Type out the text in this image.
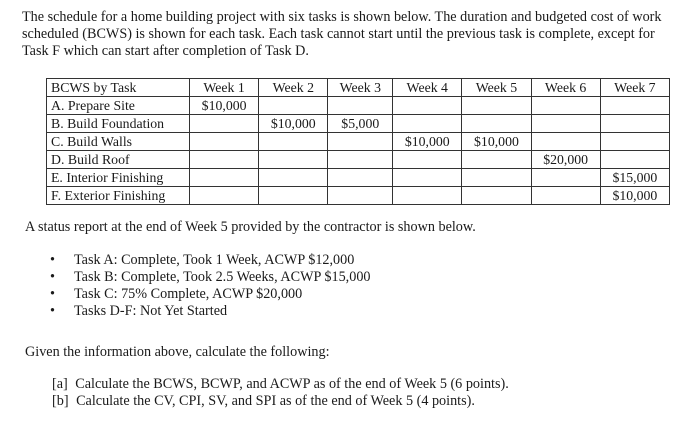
The schedule for a home building project with six tasks is shown below. The duration and budgeted cost of work
scheduled (BCWS) is shown for each task. Each task cannot start until the previous task is complete, except for
Task F which can start after completion of Task D.

BCWS by Task	Week 1	Week 2	Week 3	Week 4	Week 5	Week 6	Week 7
A. Prepare Site	$10,000						
B. Build Foundation		$10,000	$5,000				
C. Build Walls				$10,000	$10,000		
D. Build Roof						$20,000	
E. Interior Finishing							$15,000
F. Exterior Finishing							$10,000

A status report at the end of Week 5 provided by the contractor is shown below.

• Task A: Complete, Took 1 Week, ACWP $12,000
• Task B: Complete, Took 2.5 Weeks, ACWP $15,000
• Task C: 75% Complete, ACWP $20,000
• Tasks D-F: Not Yet Started

Given the information above, calculate the following:

[a] Calculate the BCWS, BCWP, and ACWP as of the end of Week 5 (6 points).
[b] Calculate the CV, CPI, SV, and SPI as of the end of Week 5 (4 points).
